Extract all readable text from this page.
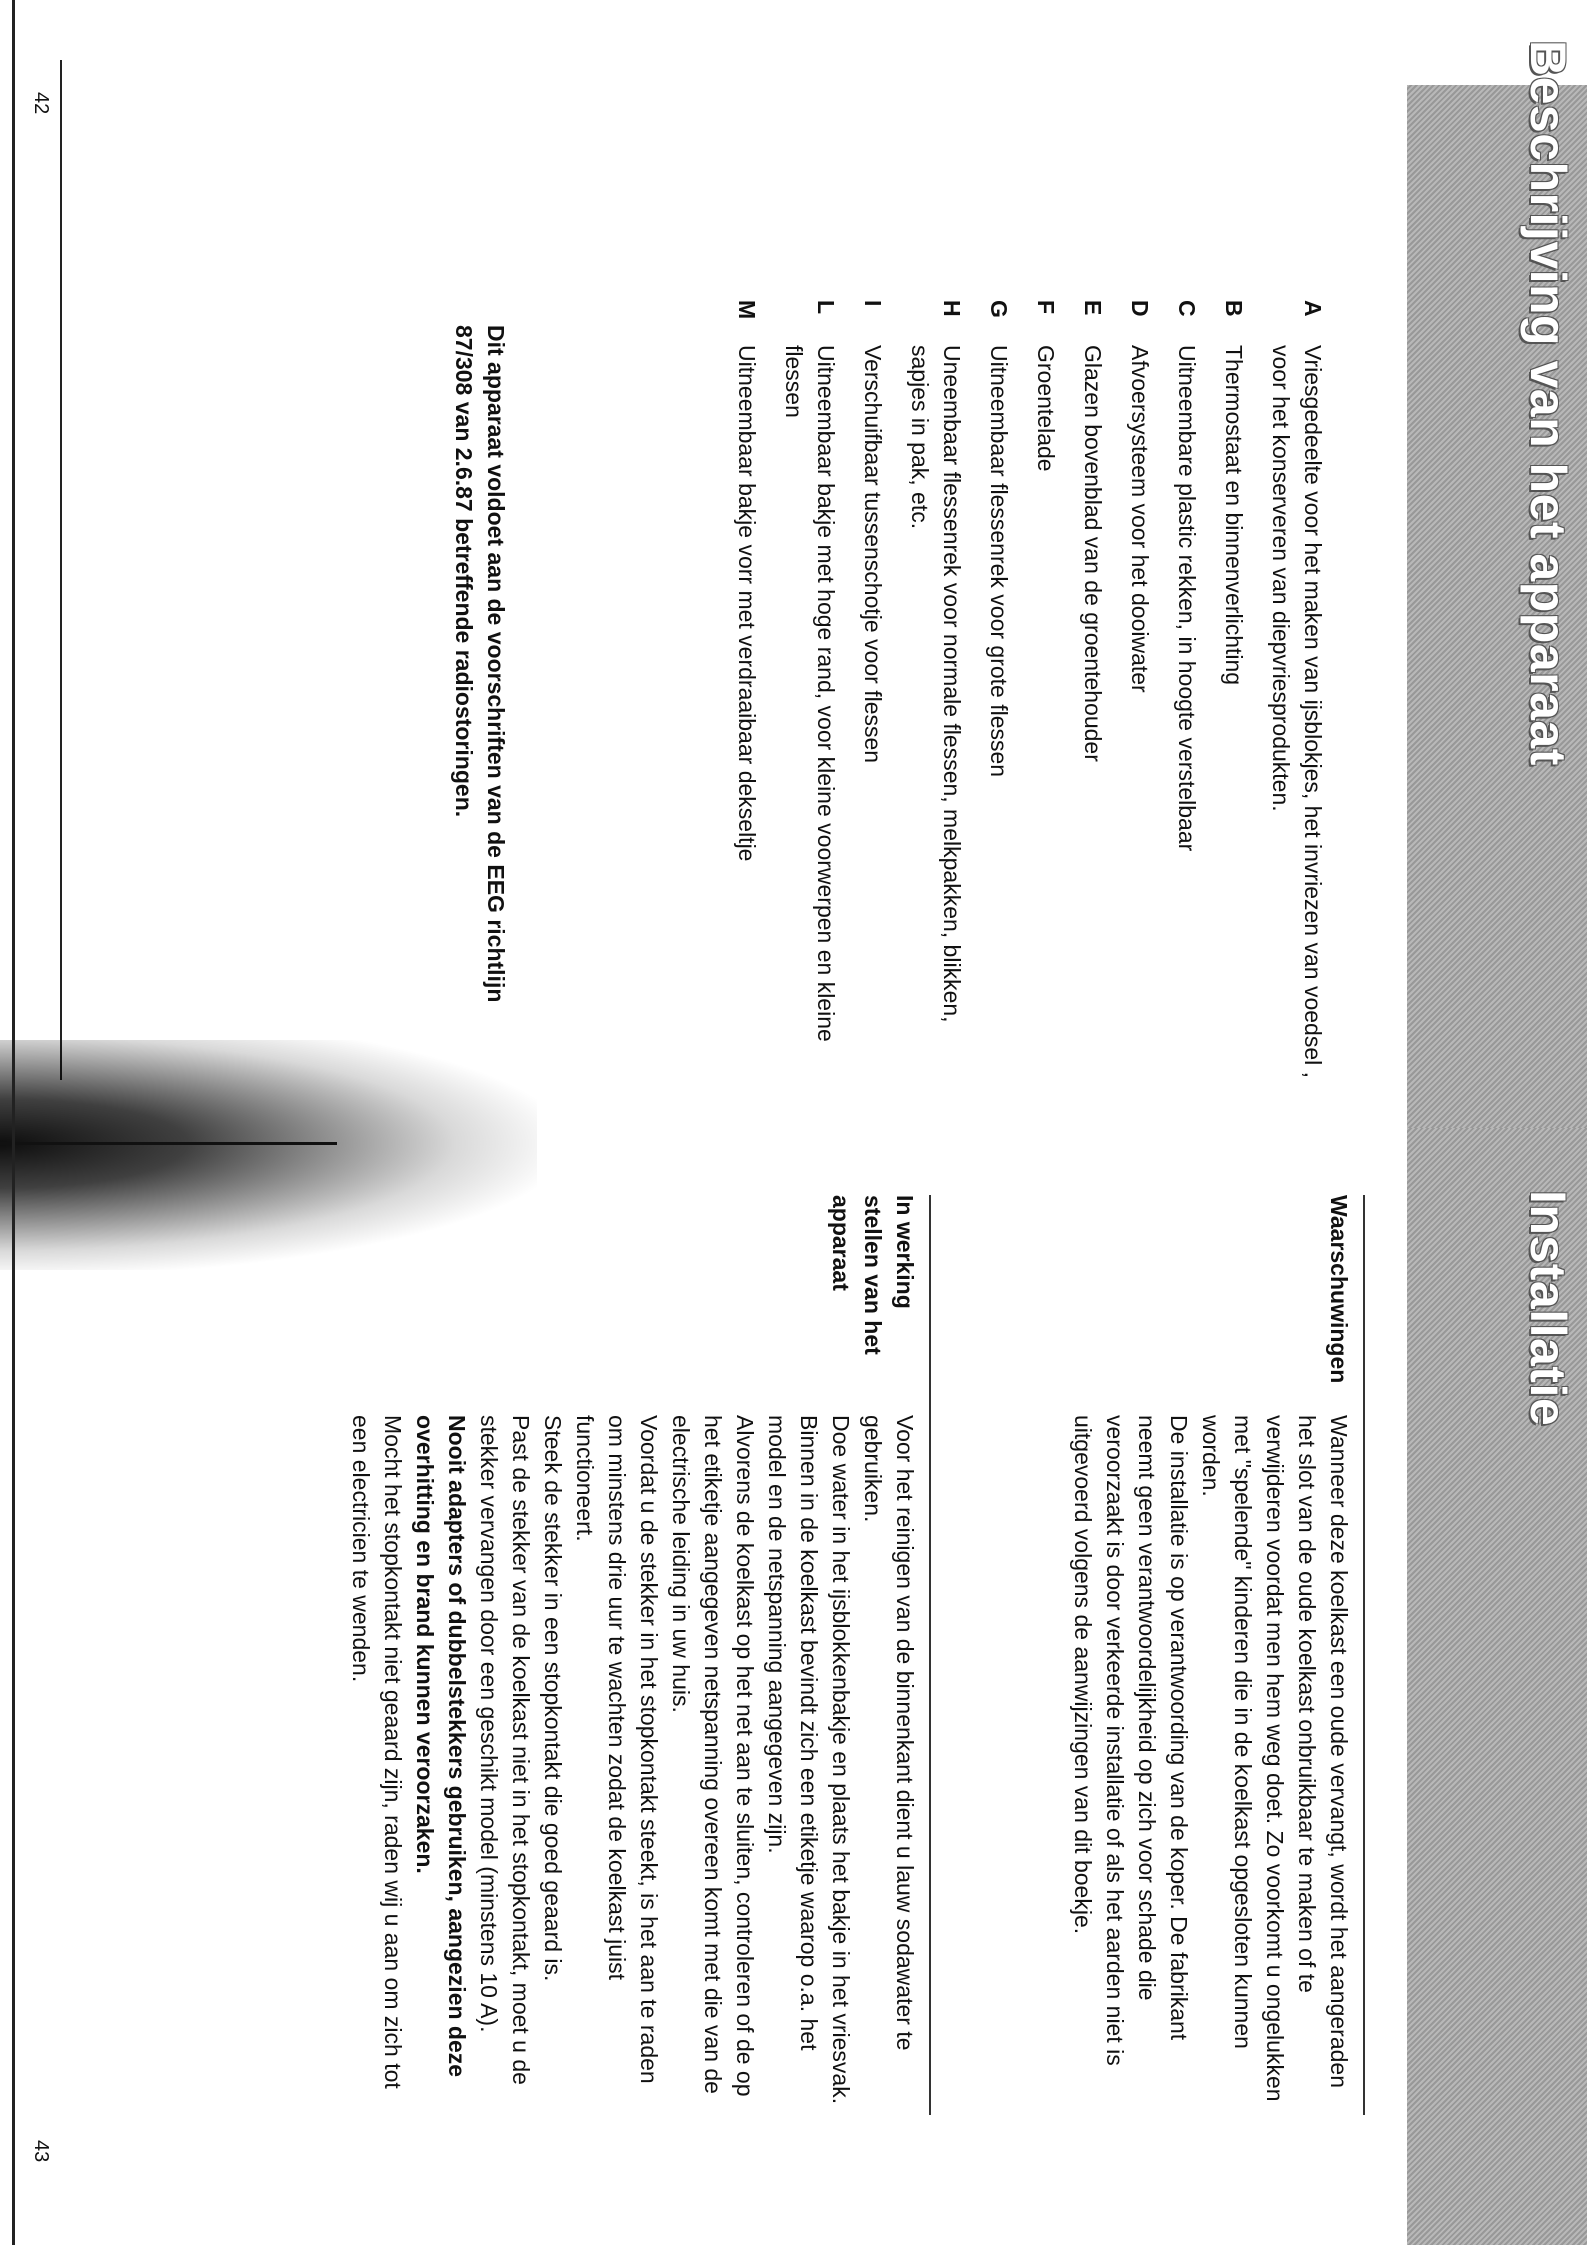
Beschrijving van het apparaat
Installatie
A
Vriesgedeelte voor het maken van ijsblokjes, het invriezen van voedsel , voor het konserveren van diepvriesprodukten.
B
Thermostaat en binnenverlichting
C
Uitneembare plastic rekken, in hoogte verstelbaar
D
Afvoersysteem voor het dooiwater
E
Glazen bovenblad van de groentehouder
F
Groentelade
G
Uitneembaar flessenrek voor grote flessen
H
Uneembaar flessenrek voor normale flessen, melkpakken, blikken, sapjes in pak, etc.
I
Verschuifbaar tussenschotje voor flessen
L
Uitneembaar bakje met hoge rand, voor kleine voorwerpen en kleine flessen
M
Uitneembaar bakje vorr met verdraaibaar dekseltje

Dit apparaat voldoet aan de voorschriften van de EEG richtlijn 87/308 van 2.6.87 betreffende radiostoringen.

Waarschuwingen

Wanneer deze koelkast een oude vervangt, wordt het aangeraden het slot van de oude koelkast onbruikbaar te maken of te verwijderen voordat men hem weg doet. Zo voorkomt u ongelukken met "spelende" kinderen die in de koelkast opgesloten kunnen worden.

De installatie is op verantwoording van de koper. De fabrikant neemt geen verantwoordelijkheid op zich voor schade die veroorzaakt is door verkeerde installatie of als het aarden niet is uitgevoerd volgens de aanwijzingen van dit boekje.

In werking stellen van het apparaat

Voor het reinigen van de binnenkant dient u lauw sodawater te gebruiken.

Doe water in het ijsblokkenbakje en plaats het bakje in het vriesvak.

Binnen in de koelkast bevindt zich een etiketje waarop o.a. het model en de netspanning aangegeven zijn.

Alvorens de koelkast op het net aan te sluiten, controleren of de op het etiketje aangegeven netspanning overeen komt met die van de electrische leiding in uw huis.

Voordat u de stekker in het stopkontakt steekt, is het aan te raden om minstens drie uur te wachten zodat de koelkast juist functioneert.

Steek de stekker in een stopkontakt die goed geaard is.

Past de stekker van de koelkast niet in het stopkontakt, moet u de stekker vervangen door een geschikt model (minstens 10 A).

Nooit adapters of dubbelstekkers gebruiken, aangezien deze overhitting en brand kunnen veroorzaken.

Mocht het stopkontakt niet geaard zijn, raden wij u aan om zich tot een electricien te wenden.

42
43
